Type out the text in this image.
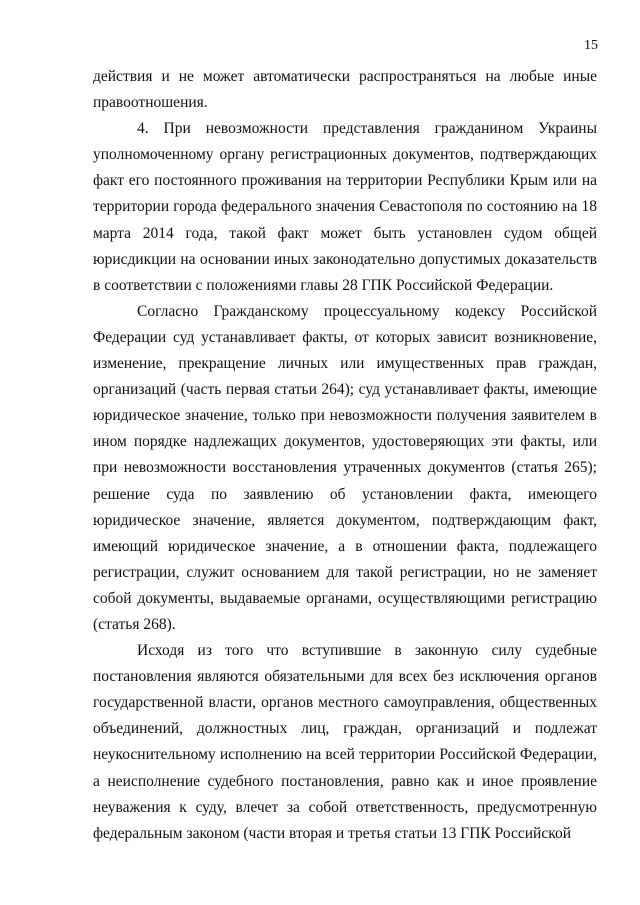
15

действия и не может автоматически распространяться на любые иные правоотношения.

4. При невозможности представления гражданином Украины уполномоченному органу регистрационных документов, подтверждающих факт его постоянного проживания на территории Республики Крым или на территории города федерального значения Севастополя по состоянию на 18 марта 2014 года, такой факт может быть установлен судом общей юрисдикции на основании иных законодательно допустимых доказательств в соответствии с положениями главы 28 ГПК Российской Федерации.

Согласно Гражданскому процессуальному кодексу Российской Федерации суд устанавливает факты, от которых зависит возникновение, изменение, прекращение личных или имущественных прав граждан, организаций (часть первая статьи 264); суд устанавливает факты, имеющие юридическое значение, только при невозможности получения заявителем в ином порядке надлежащих документов, удостоверяющих эти факты, или при невозможности восстановления утраченных документов (статья 265); решение суда по заявлению об установлении факта, имеющего юридическое значение, является документом, подтверждающим факт, имеющий юридическое значение, а в отношении факта, подлежащего регистрации, служит основанием для такой регистрации, но не заменяет собой документы, выдаваемые органами, осуществляющими регистрацию (статья 268).

Исходя из того что вступившие в законную силу судебные постановления являются обязательными для всех без исключения органов государственной власти, органов местного самоуправления, общественных объединений, должностных лиц, граждан, организаций и подлежат неукоснительному исполнению на всей территории Российской Федерации, а неисполнение судебного постановления, равно как и иное проявление неуважения к суду, влечет за собой ответственность, предусмотренную федеральным законом (части вторая и третья статьи 13 ГПК Российской
